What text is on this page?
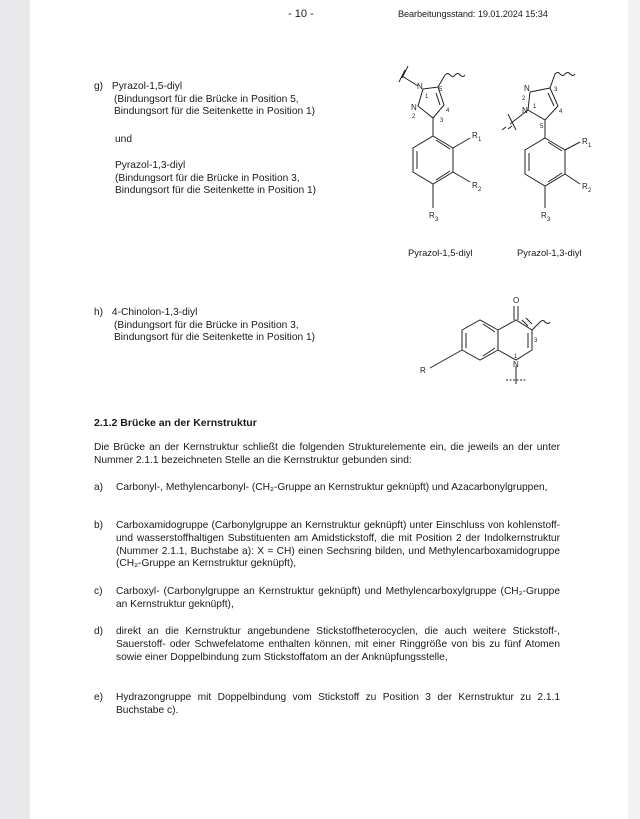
- 10 -	Bearbeitungsstand: 19.01.2024 15:34
g) Pyrazol-1,5-diyl
(Bindungsort für die Brücke in Position 5,
Bindungsort für die Seitenkette in Position 1)
und
Pyrazol-1,3-diyl
(Bindungsort für die Brücke in Position 3,
Bindungsort für die Seitenkette in Position 1)
N
1
N
2
3
4
5
R 1
R 2
R 3
N
2
N 1
3
4
5
R 1
R 2
R 3
Pyrazol-1,5-diyl	Pyrazol-1,3-diyl
h) 4-Chinolon-1,3-diyl
(Bindungsort für die Brücke in Position 3,
Bindungsort für die Seitenkette in Position 1)
O
N
1
3
R
2.1.2 Brücke an der Kernstruktur
Die Brücke an der Kernstruktur schließt die folgenden Strukturelemente ein, die jeweils an der unter Nummer 2.1.1 bezeichneten Stelle an die Kernstruktur gebunden sind:
a)	Carbonyl-, Methylencarbonyl- (CH₂-Gruppe an Kernstruktur geknüpft) und Azacarbonylgruppen,
b)	Carboxamidogruppe (Carbonylgruppe an Kernstruktur geknüpft) unter Einschluss von kohlenstoff- und wasserstoffhaltigen Substituenten am Amidstickstoff, die mit Position 2 der Indolkernstruktur (Nummer 2.1.1, Buchstabe a): X = CH) einen Sechsring bilden, und Methylencarboxamidogruppe (CH₂-Gruppe an Kernstruktur geknüpft),
c)	Carboxyl- (Carbonylgruppe an Kernstruktur geknüpft) und Methylencarboxylgruppe (CH₂-Gruppe an Kernstruktur geknüpft),
d)	direkt an die Kernstruktur angebundene Stickstoffheterocyclen, die auch weitere Stickstoff-, Sauerstoff- oder Schwefelatome enthalten können, mit einer Ringgröße von bis zu fünf Atomen sowie einer Doppelbindung zum Stickstoffatom an der Anknüpfungsstelle,
e)	Hydrazongruppe mit Doppelbindung vom Stickstoff zu Position 3 der Kernstruktur zu 2.1.1 Buchstabe c).
